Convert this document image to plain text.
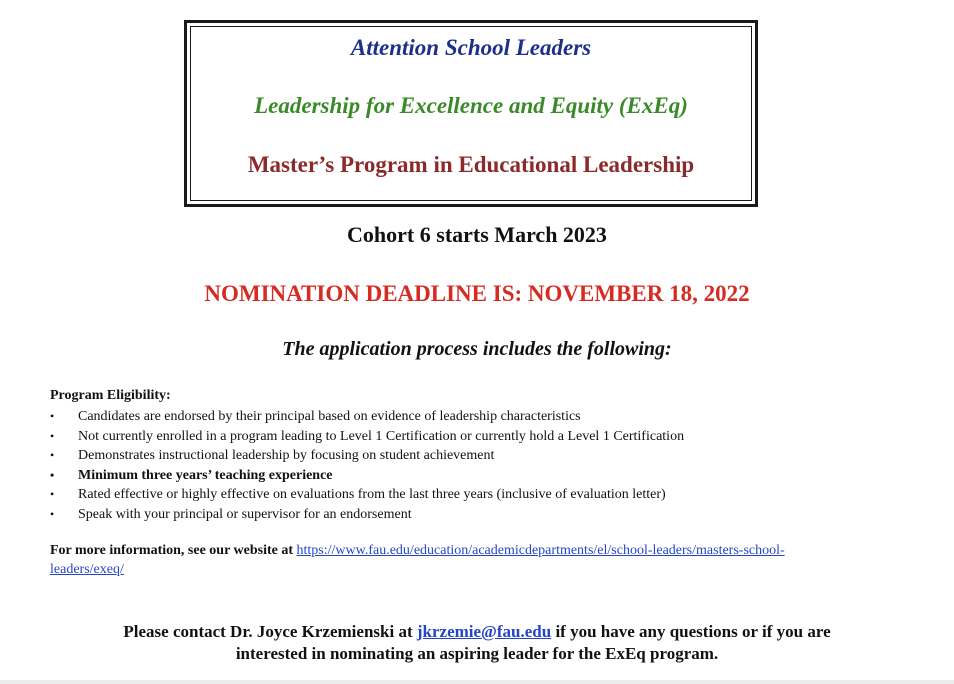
Attention School Leaders
Leadership for Excellence and Equity (ExEq)
Master’s Program in Educational Leadership
Cohort 6 starts March 2023
NOMINATION DEADLINE IS: NOVEMBER 18, 2022
The application process includes the following:
Program Eligibility:
• Candidates are endorsed by their principal based on evidence of leadership characteristics
• Not currently enrolled in a program leading to Level 1 Certification or currently hold a Level 1 Certification
• Demonstrates instructional leadership by focusing on student achievement
• Minimum three years’ teaching experience
• Rated effective or highly effective on evaluations from the last three years (inclusive of evaluation letter)
• Speak with your principal or supervisor for an endorsement
For more information, see our website at https://www.fau.edu/education/academicdepartments/el/school-leaders/masters-school-
leaders/exeq/
Please contact Dr. Joyce Krzemienski at jkrzemie@fau.edu if you have any questions or if you are
interested in nominating an aspiring leader for the ExEq program.
